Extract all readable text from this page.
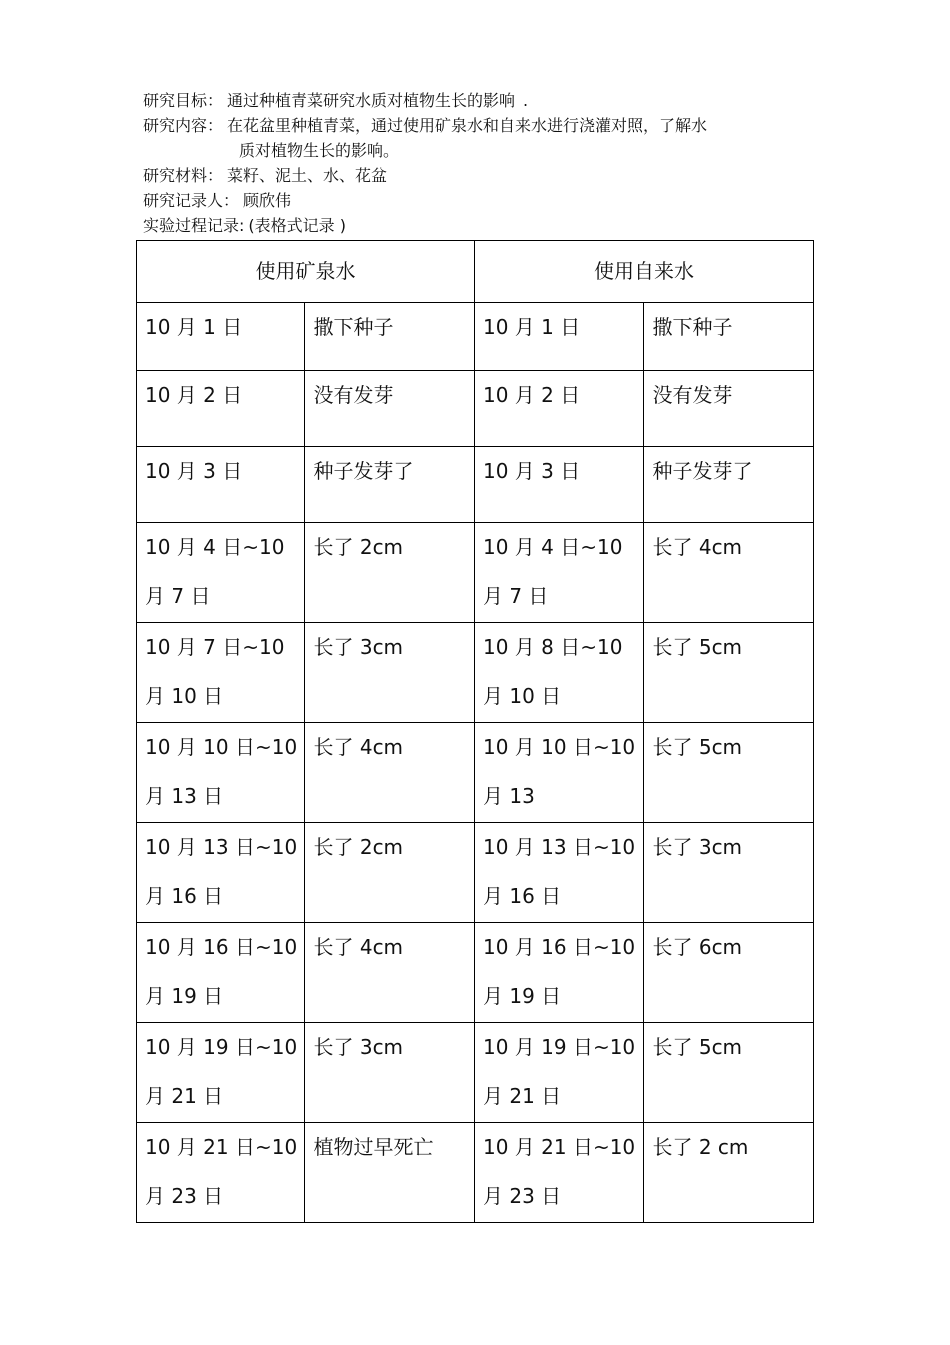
研究目标： 通过种植青菜研究水质对植物生长的影响 .
研究内容： 在花盆里种植青菜，通过使用矿泉水和自来水进行浇灌对照，了解水
质对植物生长的影响。
研究材料： 菜籽、泥土、水、花盆
研究记录人： 顾欣伟
实验过程记录: (表格式记录 )
使用矿泉水		使用自来水	
10 月 1 日	撒下种子	10 月 1 日	撒下种子
10 月 2 日	没有发芽	10 月 2 日	没有发芽
10 月 3 日	种子发芽了	10 月 3 日	种子发芽了
10 月 4 日~10 月 7 日	长了 2cm	10 月 4 日~10 月 7 日	长了 4cm
10 月 7 日~10 月 10 日	长了 3cm	10 月 8 日~10 月 10 日	长了 5cm
10 月 10 日~10 月 13 日	长了 4cm	10 月 10 日~10 月 13	长了 5cm
10 月 13 日~10 月 16 日	长了 2cm	10 月 13 日~10 月 16 日	长了 3cm
10 月 16 日~10 月 19 日	长了 4cm	10 月 16 日~10 月 19 日	长了 6cm
10 月 19 日~10 月 21 日	长了 3cm	10 月 19 日~10 月 21 日	长了 5cm
10 月 21 日~10 月 23 日	植物过早死亡	10 月 21 日~10 月 23 日	长了 2 cm
